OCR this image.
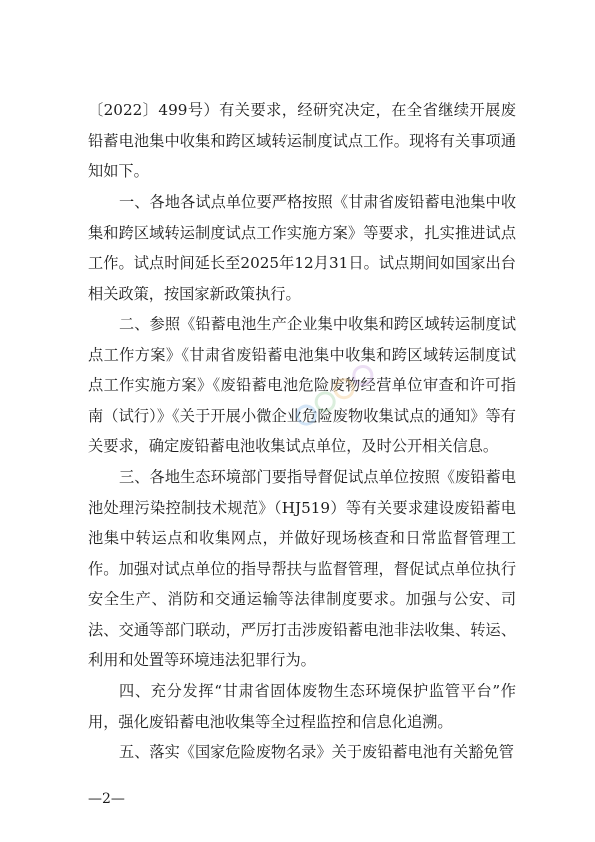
〔2022〕499号）有关要求，经研究决定，在全省继续开展废铅蓄电池集中收集和跨区域转运制度试点工作。现将有关事项通知如下。

一、各地各试点单位要严格按照《甘肃省废铅蓄电池集中收集和跨区域转运制度试点工作实施方案》等要求，扎实推进试点工作。试点时间延长至2025年12月31日。试点期间如国家出台相关政策，按国家新政策执行。

二、参照《铅蓄电池生产企业集中收集和跨区域转运制度试点工作方案》《甘肃省废铅蓄电池集中收集和跨区域转运制度试点工作实施方案》《废铅蓄电池危险废物经营单位审查和许可指南（试行）》《关于开展小微企业危险废物收集试点的通知》等有关要求，确定废铅蓄电池收集试点单位，及时公开相关信息。

三、各地生态环境部门要指导督促试点单位按照《废铅蓄电池处理污染控制技术规范》（HJ519）等有关要求建设废铅蓄电池集中转运点和收集网点，并做好现场核查和日常监督管理工作。加强对试点单位的指导帮扶与监督管理，督促试点单位执行安全生产、消防和交通运输等法律制度要求。加强与公安、司法、交通等部门联动，严厉打击涉废铅蓄电池非法收集、转运、利用和处置等环境违法犯罪行为。

四、充分发挥“甘肃省固体废物生态环境保护监管平台”作用，强化废铅蓄电池收集等全过程监控和信息化追溯。

五、落实《国家危险废物名录》关于废铅蓄电池有关豁免管

—2—
